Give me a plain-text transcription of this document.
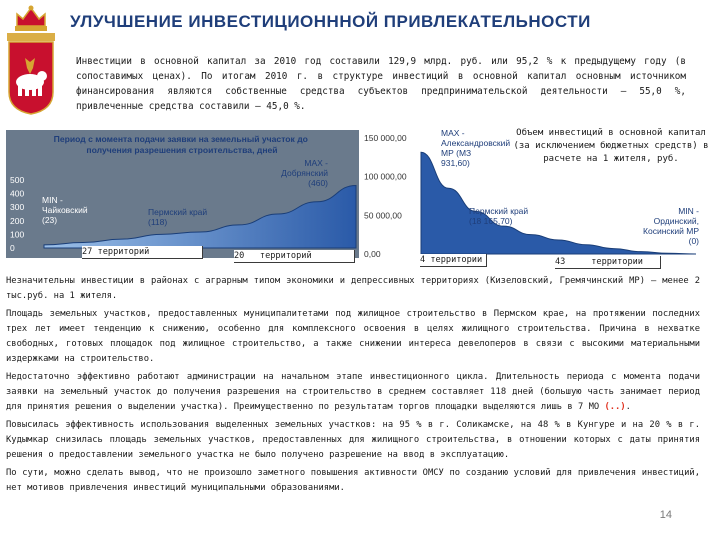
УЛУЧШЕНИЕ ИНВЕСТИЦИОНННОЙ ПРИВЛЕКАТЕЛЬНОСТИ
Инвестиции в основной капитал за 2010 год составили 129,9 млрд. руб. или 95,2 % к предыдущему году (в сопоставимых ценах). По итогам 2010 г. в структуре инвестиций в основной капитал основным источником финансирования являются собственные средства субъектов предпринимательской деятельности – 55,0 %, привлеченные средства составили – 45,0 %.
Период с момента подачи заявки на земельный участок до получения разрешения строительства, дней
500
400
300
200
100
0
MIN -Чайковский (23)
Пермский край (118)
MAX -Добрянский (460)
27 территорий	20 территорий
150 000,00
100 000,00
50 000,00
0,00
MAX -Александровский МР (МЗ 931,60)
Пермский край (18 165,70)
MIN -Ординский, Косинский МР (0)
Объем инвестиций в основной капитал (за исключением бюджетных средств) в расчете на 1 жителя, руб.
4 территории	43	территории

Незначительны инвестиции в районах с аграрным типом экономики и депрессивных территориях (Кизеловский, Гремячинский МР) – менее 2 тыс.руб. на 1 жителя.

Площадь земельных участков, предоставленных муниципалитетами под жилищное строительство в Пермском крае, на протяжении последних трех лет имеет тенденцию к снижению, особенно для комплексного освоения в целях жилищного строительства. Причина в нехватке свободных, готовых площадок под жилищное строительство, а также снижении интереса девелоперов в связи с высокими материальными издержками на строительство.

Недостаточно эффективно работают администрации на начальном этапе инвестиционного цикла. Длительность периода с момента подачи заявки на земельный участок до получения разрешения на строительство в среднем составляет 118 дней (большую часть занимает период для принятия решения о выделении участка). Преимущественно по результатам торгов площадки выделяются лишь в 7 МО (..).

Повысилась эффективность использования выделенных земельных участков: на 95 % в г. Соликамске, на 48 % в Кунгуре и на 20 % в г. Кудымкар снизилась площадь земельных участков, предоставленных для жилищного строительства, в отношении которых с даты принятия решения о предоставлении земельного участка не было получено разрешение на ввод в эксплуатацию.

По сути, можно сделать вывод, что не произошло заметного повышения активности ОМСУ по созданию условий для привлечения инвестиций, нет мотивов привлечения инвестиций муниципальными образованиями.

14
